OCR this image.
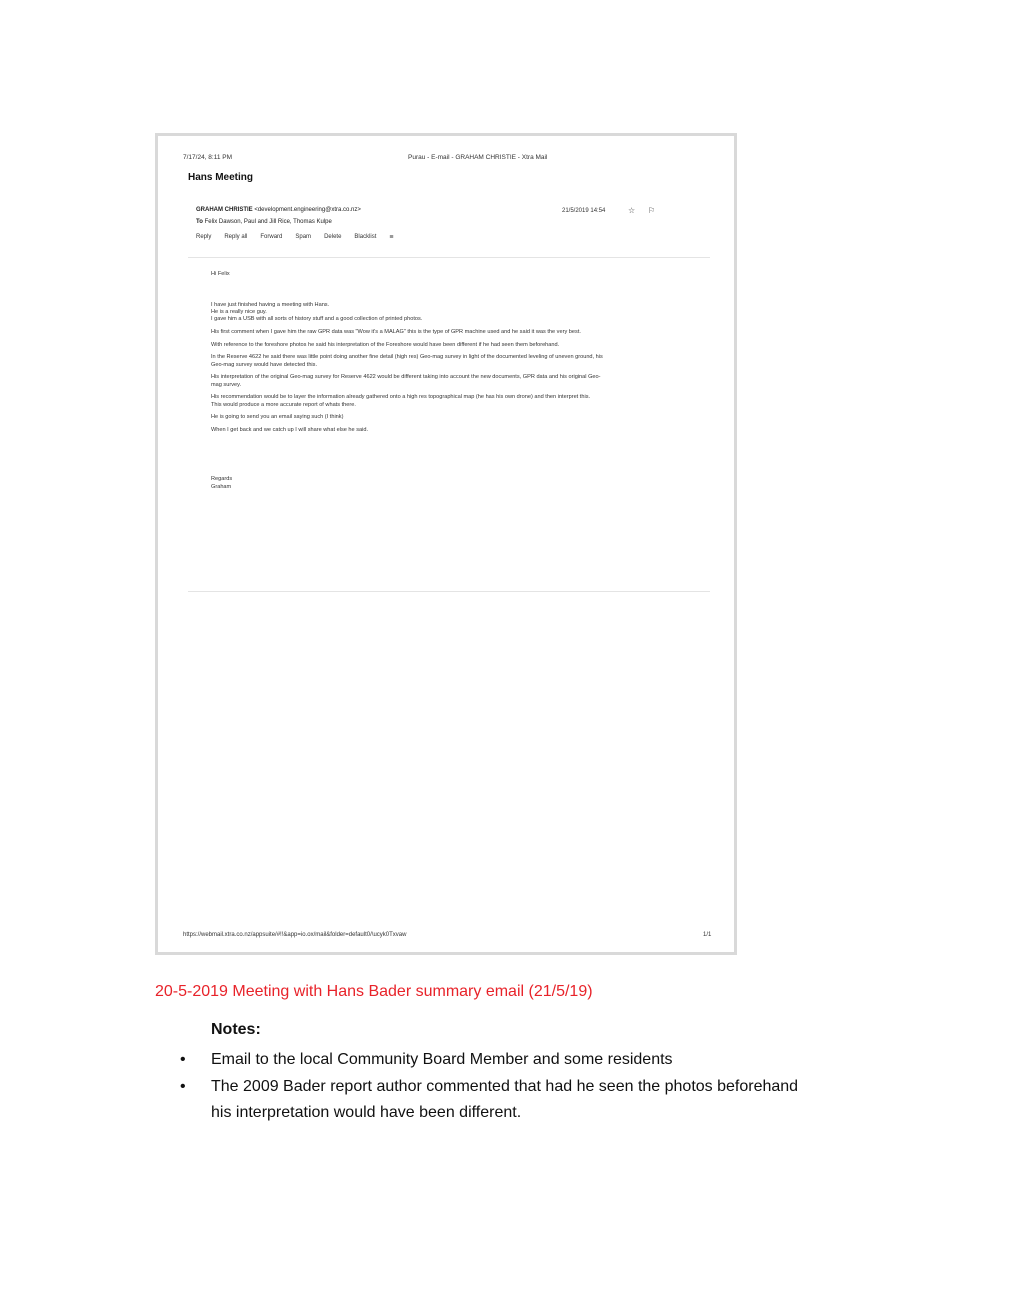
7/17/24, 8:11 PM	Purau - E-mail - GRAHAM CHRISTIE - Xtra Mail
Hans Meeting
GRAHAM CHRISTIE <development.engineering@xtra.co.nz>
To Felix Dawson, Paul and Jill Rice, Thomas Kulpe
21/5/2019 14:54	☆ ⚐
Reply Reply all Forward Spam Delete Blacklist ≡

Hi Felix

I have just finished having a meeting with Hans.
He is a really nice guy.

I gave him a USB with all sorts of history stuff and a good collection of printed photos.

His first comment when I gave him the raw GPR data was "Wow it's a MALAG" this is the type of GPR machine used and he said it was the very best.

With reference to the foreshore photos he said his interpretation of the Foreshore would have been different if he had seen them beforehand.

In the Reserve 4622 he said there was little point doing another fine detail (high res) Geo-mag survey in light of the documented leveling of uneven ground, his Geo-mag survey would have detected this.

His interpretation of the original Geo-mag survey for Reserve 4622 would be different taking into account the new documents, GPR data and his original Geo-mag survey.

His recommendation would be to layer the information already gathered onto a high res topographical map (he has his own drone) and then interpret this.

This would produce a more accurate report of whats there.

He is going to send you an email saying such (I think)

When I get back and we catch up I will share what else he said.

Regards
Graham
https://webmail.xtra.co.nz/appsuite/#!!&app=io.ox/mail&folder=default0/\ucyk0Txvaw	1/1
20-5-2019 Meeting with Hans Bader summary email (21/5/19)
Notes:
• Email to the local Community Board Member and some residents
• The 2009 Bader report author commented that had he seen the photos beforehand his interpretation would have been different.
